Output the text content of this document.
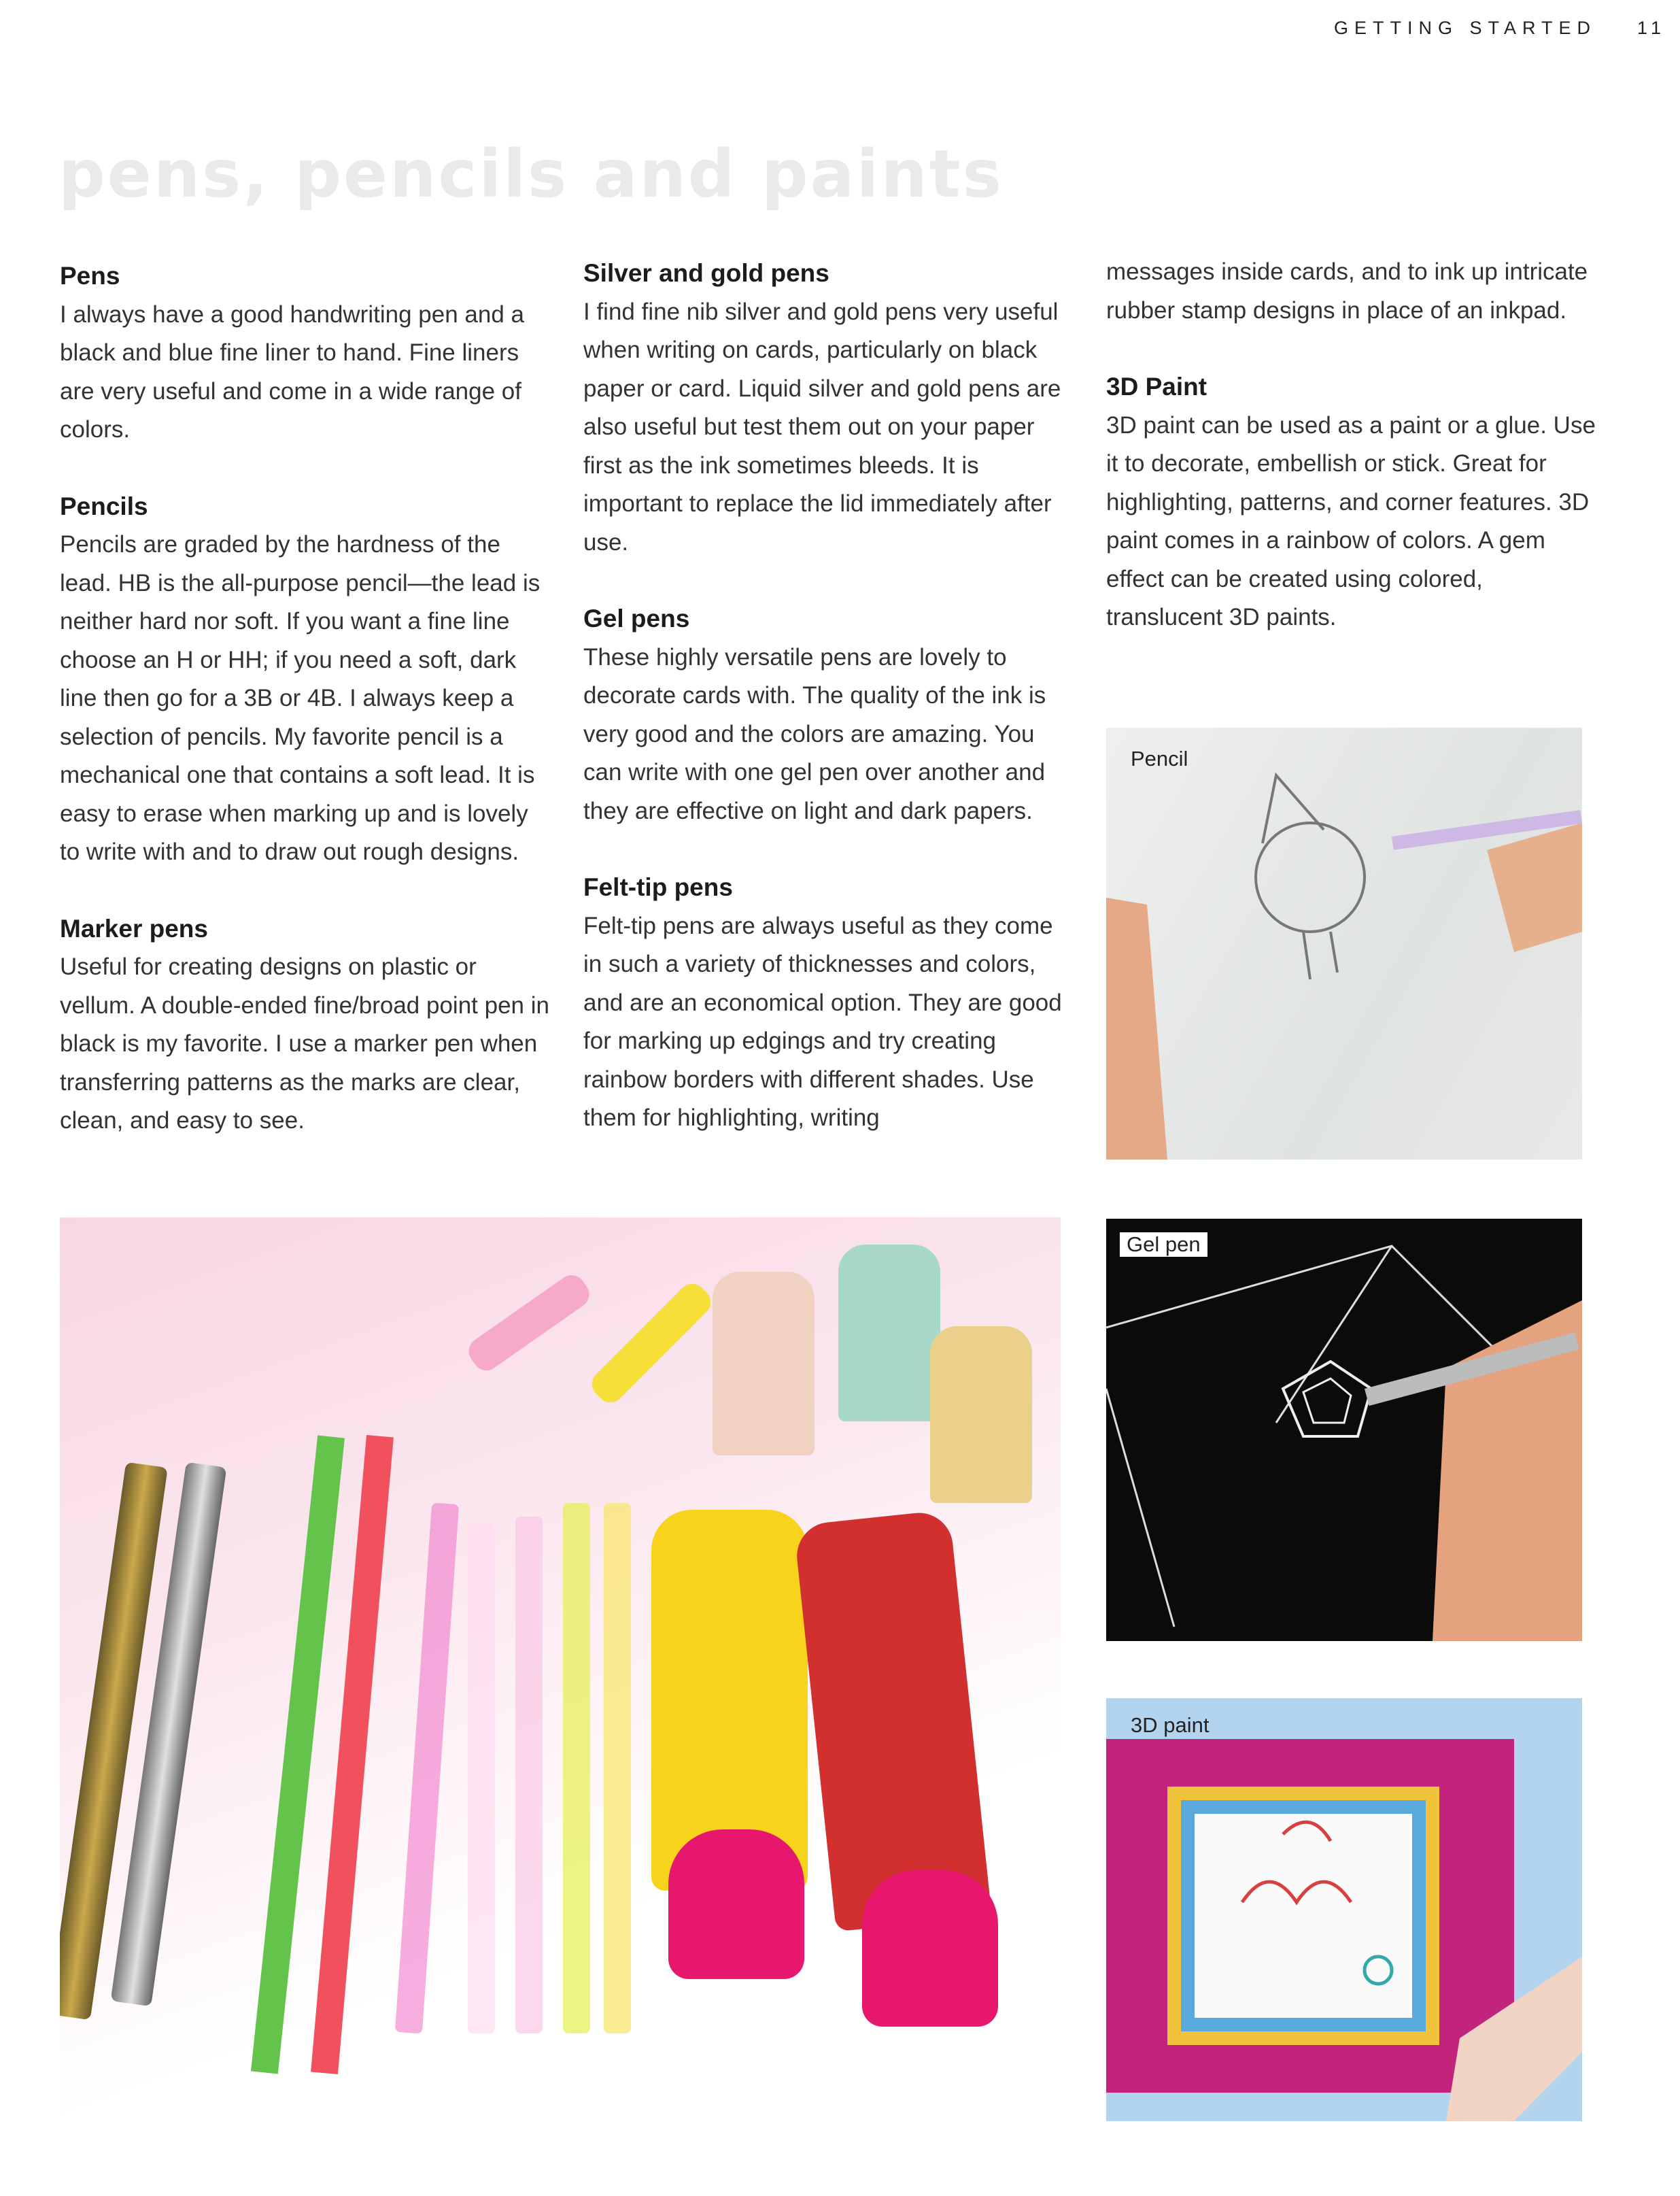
GETTING STARTED 11
pens, pencils and paints
Pens

I always have a good handwriting pen and a black and blue fine liner to hand. Fine liners are very useful and come in a wide range of colors.

Pencils

Pencils are graded by the hardness of the lead. HB is the all-purpose pencil—the lead is neither hard nor soft. If you want a fine line choose an H or HH; if you need a soft, dark line then go for a 3B or 4B. I always keep a selection of pencils. My favorite pencil is a mechanical one that contains a soft lead. It is easy to erase when marking up and is lovely to write with and to draw out rough designs.

Marker pens

Useful for creating designs on plastic or vellum. A double-ended fine/broad point pen in black is my favorite. I use a marker pen when transferring patterns as the marks are clear, clean, and easy to see.

Silver and gold pens

I find fine nib silver and gold pens very useful when writing on cards, particularly on black paper or card. Liquid silver and gold pens are also useful but test them out on your paper first as the ink sometimes bleeds. It is important to replace the lid immediately after use.

Gel pens

These highly versatile pens are lovely to decorate cards with. The quality of the ink is very good and the colors are amazing. You can write with one gel pen over another and they are effective on light and dark papers.

Felt-tip pens

Felt-tip pens are always useful as they come in such a variety of thicknesses and colors, and are an economical option. They are good for marking up edgings and try creating rainbow borders with different shades. Use them for highlighting, writing

messages inside cards, and to ink up intricate rubber stamp designs in place of an inkpad.

3D Paint

3D paint can be used as a paint or a glue. Use it to decorate, embellish or stick. Great for highlighting, patterns, and corner features. 3D paint comes in a rainbow of colors. A gem effect can be created using colored, translucent 3D paints.

Pencil
Gel pen
3D paint
